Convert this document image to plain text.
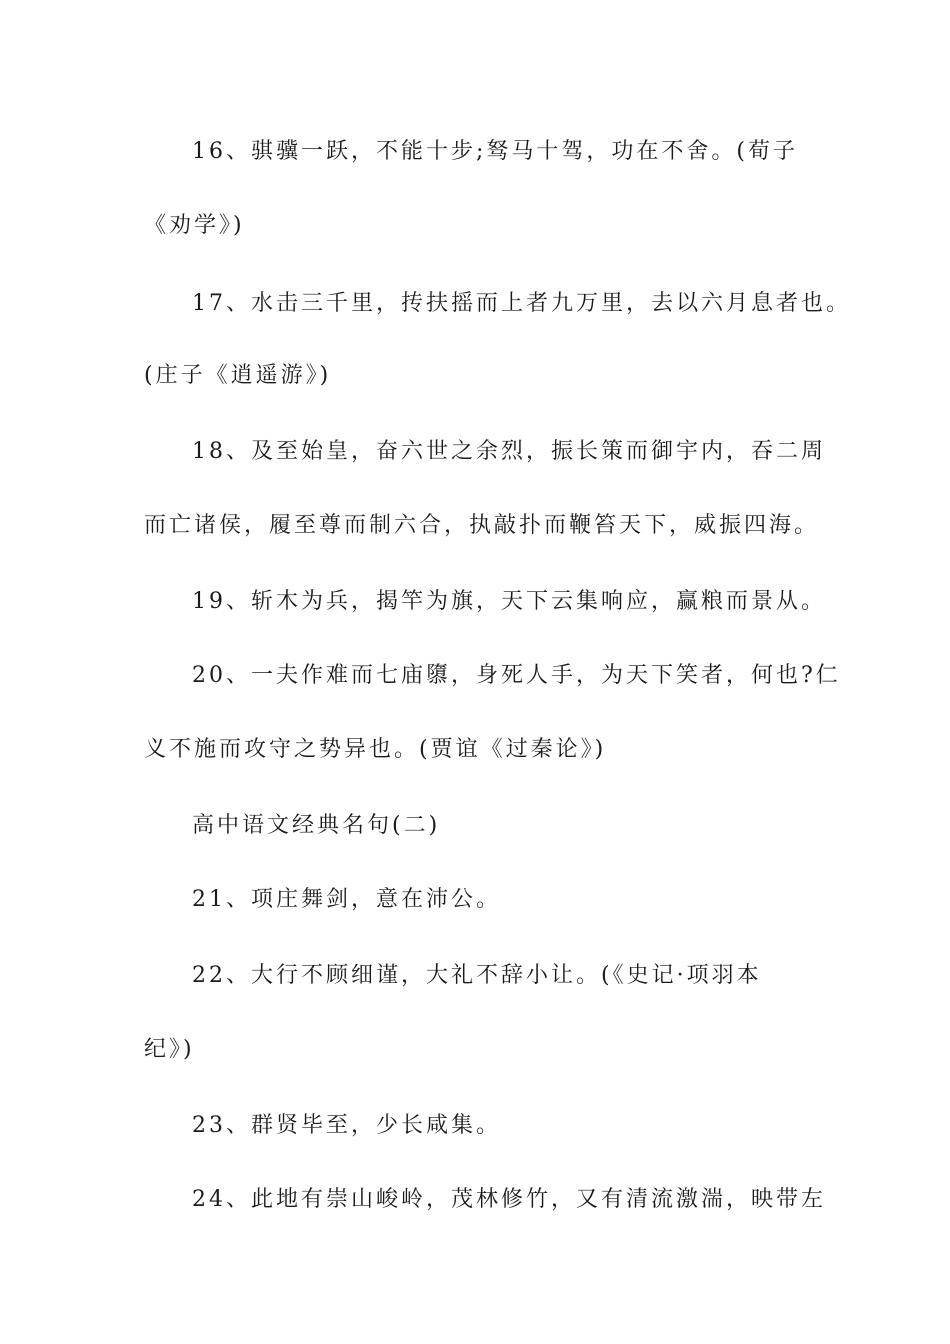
16、骐骥一跃，不能十步;驽马十驾，功在不舍。(荀子
《劝学》)
17、水击三千里，抟扶摇而上者九万里，去以六月息者也。
(庄子《逍遥游》)
18、及至始皇，奋六世之余烈，振长策而御宇内，吞二周
而亡诸侯，履至尊而制六合，执敲扑而鞭笞天下，威振四海。
19、斩木为兵，揭竿为旗，天下云集响应，赢粮而景从。
20、一夫作难而七庙隳，身死人手，为天下笑者，何也?仁
义不施而攻守之势异也。(贾谊《过秦论》)
高中语文经典名句(二)
21、项庄舞剑，意在沛公。
22、大行不顾细谨，大礼不辞小让。(《史记·项羽本
纪》)
23、群贤毕至，少长咸集。
24、此地有崇山峻岭，茂林修竹，又有清流激湍，映带左
